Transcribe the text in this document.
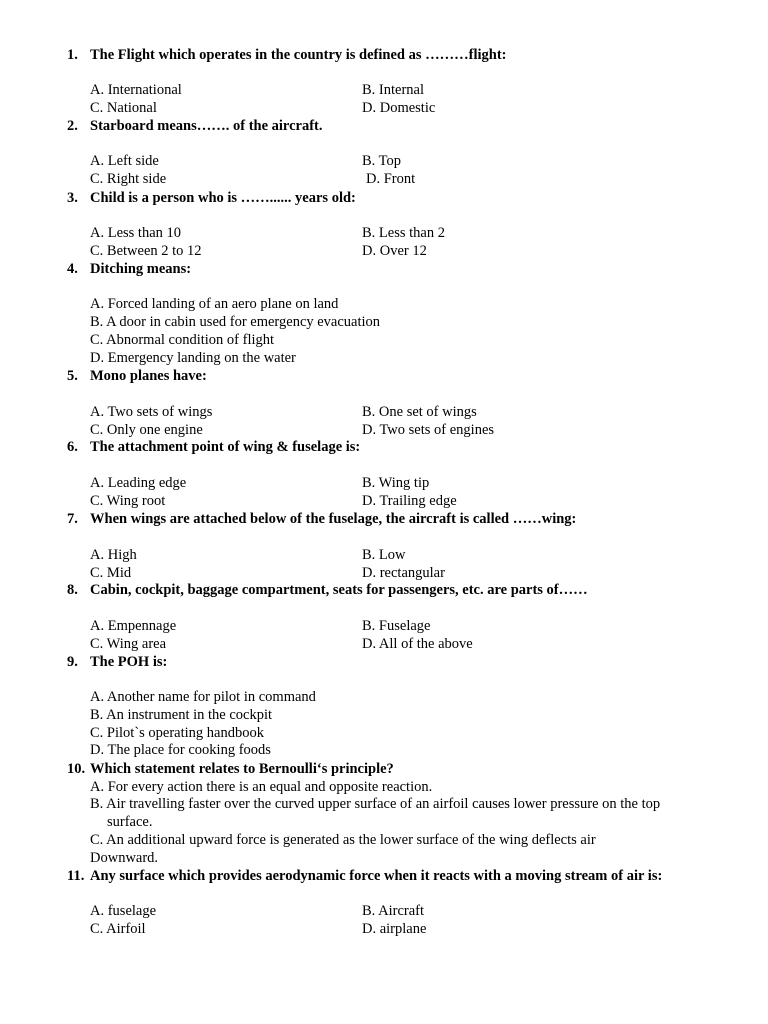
1. The Flight which operates in the country is defined as ………flight:
A. International	B. Internal
C. National	D. Domestic
2. Starboard means……. of the aircraft.
A. Left side	B. Top
C. Right side	D. Front
3. Child is a person who is ……...... years old:
A. Less than 10	B. Less than 2
C. Between 2 to 12	D. Over 12
4. Ditching means:
A. Forced landing of an aero plane on land
B. A door in cabin used for emergency evacuation
C. Abnormal condition of flight
D. Emergency landing on the water
5. Mono planes have:
A. Two sets of wings	B. One set of wings
C. Only one engine	D. Two sets of engines
6. The attachment point of wing & fuselage is:
A. Leading edge	B. Wing tip
C. Wing root	D. Trailing edge
7. When wings are attached below of the fuselage, the aircraft is called ……wing:
A. High	B. Low
C. Mid	D. rectangular
8. Cabin, cockpit, baggage compartment, seats for passengers, etc. are parts of……
A. Empennage	B. Fuselage
C. Wing area	D. All of the above
9. The POH is:
A. Another name for pilot in command
B. An instrument in the cockpit
C. Pilot`s operating handbook
D. The place for cooking foods
10. Which statement relates to Bernoulli‘s principle?
A. For every action there is an equal and opposite reaction.
B. Air travelling faster over the curved upper surface of an airfoil causes lower pressure on the top
surface.
C. An additional upward force is generated as the lower surface of the wing deflects air
Downward.
11. Any surface which provides aerodynamic force when it reacts with a moving stream of air is:
A. fuselage	B. Aircraft
C. Airfoil	D. airplane
